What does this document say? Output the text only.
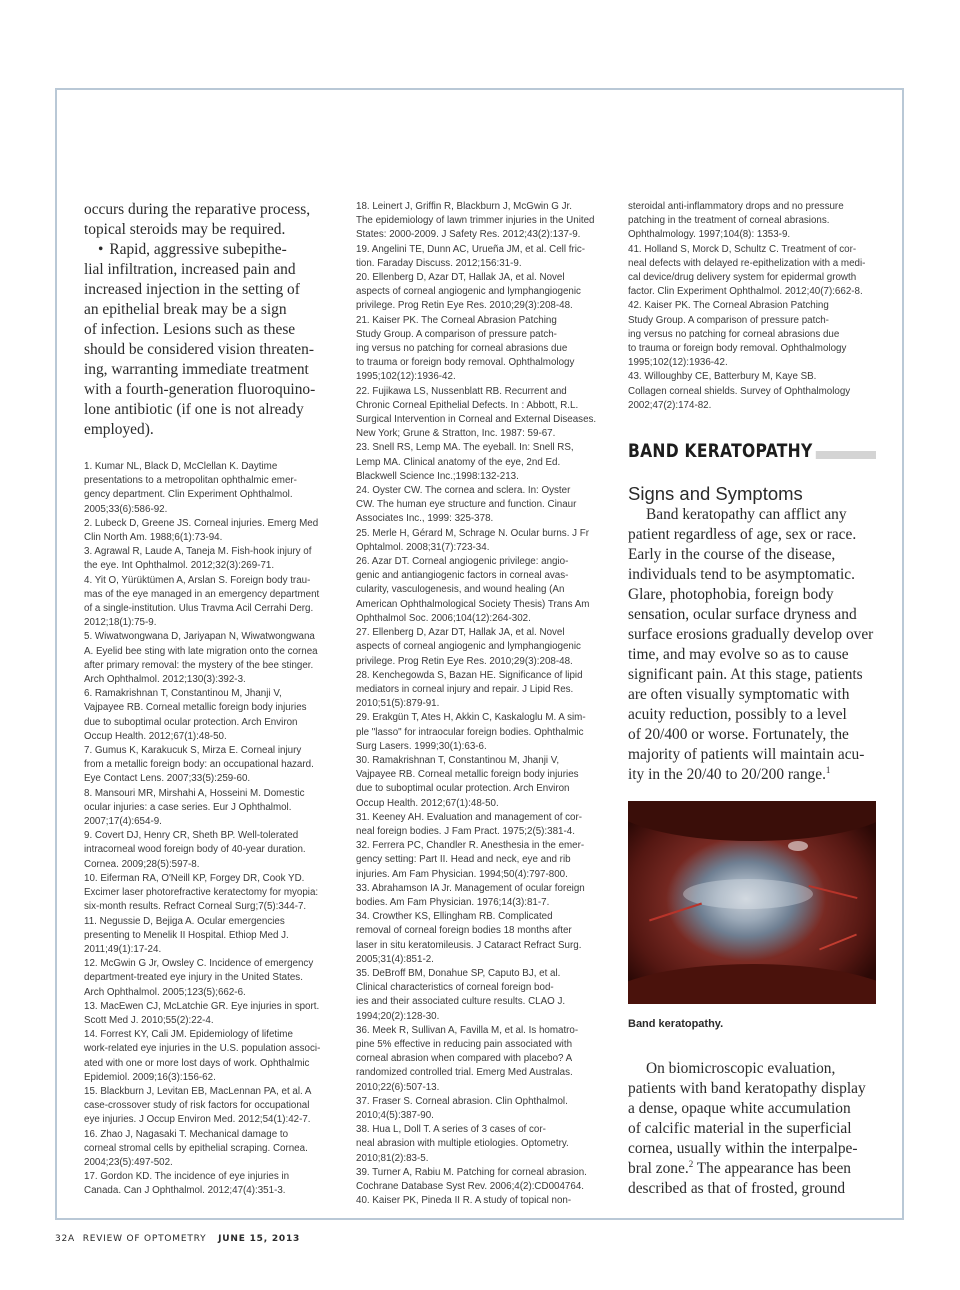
occurs during the reparative process,

topical steroids may be required.

• Rapid, aggressive subepithe-

lial infiltration, increased pain and

increased injection in the setting of

an epithelial break may be a sign

of infection. Lesions such as these

should be considered vision threaten-

ing, warranting immediate treatment

with a fourth-generation fluoroquino-

lone antibiotic (if one is not already

employed).

1. Kumar NL, Black D, McClellan K. Daytime
presentations to a metropolitan ophthalmic emer-
gency department. Clin Experiment Ophthalmol.
2005;33(6):586-92.
2. Lubeck D, Greene JS. Corneal injuries. Emerg Med
Clin North Am. 1988;6(1):73-94.
3. Agrawal R, Laude A, Taneja M. Fish-hook injury of
the eye. Int Ophthalmol. 2012;32(3):269-71.
4. Yit O, Yürüktümen A, Arslan S. Foreign body trau-
mas of the eye managed in an emergency department
of a single-institution. Ulus Travma Acil Cerrahi Derg.
2012;18(1):75-9.
5. Wiwatwongwana D, Jariyapan N, Wiwatwongwana
A. Eyelid bee sting with late migration onto the cornea
after primary removal: the mystery of the bee stinger.
Arch Ophthalmol. 2012;130(3):392-3.
6. Ramakrishnan T, Constantinou M, Jhanji V,
Vajpayee RB. Corneal metallic foreign body injuries
due to suboptimal ocular protection. Arch Environ
Occup Health. 2012;67(1):48-50.
7. Gumus K, Karakucuk S, Mirza E. Corneal injury
from a metallic foreign body: an occupational hazard.
Eye Contact Lens. 2007;33(5):259-60.
8. Mansouri MR, Mirshahi A, Hosseini M. Domestic
ocular injuries: a case series. Eur J Ophthalmol.
2007;17(4):654-9.
9. Covert DJ, Henry CR, Sheth BP. Well-tolerated
intracorneal wood foreign body of 40-year duration.
Cornea. 2009;28(5):597-8.
10. Eiferman RA, O'Neill KP, Forgey DR, Cook YD.
Excimer laser photorefractive keratectomy for myopia:
six-month results. Refract Corneal Surg;7(5):344-7.
11. Negussie D, Bejiga A. Ocular emergencies
presenting to Menelik II Hospital. Ethiop Med J.
2011;49(1):17-24.
12. McGwin G Jr, Owsley C. Incidence of emergency
department-treated eye injury in the United States.
Arch Ophthalmol. 2005;123(5);662-6.
13. MacEwen CJ, McLatchie GR. Eye injuries in sport.
Scott Med J. 2010;55(2):22-4.
14. Forrest KY, Cali JM. Epidemiology of lifetime
work-related eye injuries in the U.S. population associ-
ated with one or more lost days of work. Ophthalmic
Epidemiol. 2009;16(3):156-62.
15. Blackburn J, Levitan EB, MacLennan PA, et al. A
case-crossover study of risk factors for occupational
eye injuries. J Occup Environ Med. 2012;54(1):42-7.
16. Zhao J, Nagasaki T. Mechanical damage to
corneal stromal cells by epithelial scraping. Cornea.
2004;23(5):497-502.
17. Gordon KD. The incidence of eye injuries in
Canada. Can J Ophthalmol. 2012;47(4):351-3.
18. Leinert J, Griffin R, Blackburn J, McGwin G Jr.
The epidemiology of lawn trimmer injuries in the United
States: 2000-2009. J Safety Res. 2012;43(2):137-9.
19. Angelini TE, Dunn AC, Urueña JM, et al. Cell fric-
tion. Faraday Discuss. 2012;156:31-9.
20. Ellenberg D, Azar DT, Hallak JA, et al. Novel
aspects of corneal angiogenic and lymphangiogenic
privilege. Prog Retin Eye Res. 2010;29(3):208-48.
21. Kaiser PK. The Corneal Abrasion Patching
Study Group. A comparison of pressure patch-
ing versus no patching for corneal abrasions due
to trauma or foreign body removal. Ophthalmology
1995;102(12):1936-42.
22. Fujikawa LS, Nussenblatt RB. Recurrent and
Chronic Corneal Epithelial Defects. In : Abbott, R.L.
Surgical Intervention in Corneal and External Diseases.
New York; Grune & Stratton, Inc. 1987: 59-67.
23. Snell RS, Lemp MA. The eyeball. In: Snell RS,
Lemp MA. Clinical anatomy of the eye, 2nd Ed.
Blackwell Science Inc.;1998:132-213.
24. Oyster CW. The cornea and sclera. In: Oyster
CW. The human eye structure and function. Cinaur
Associates Inc., 1999: 325-378.
25. Merle H, Gérard M, Schrage N. Ocular burns. J Fr
Ophtalmol. 2008;31(7):723-34.
26. Azar DT. Corneal angiogenic privilege: angio-
genic and antiangiogenic factors in corneal avas-
cularity, vasculogenesis, and wound healing (An
American Ophthalmological Society Thesis) Trans Am
Ophthalmol Soc. 2006;104(12):264-302.
27. Ellenberg D, Azar DT, Hallak JA, et al. Novel
aspects of corneal angiogenic and lymphangiogenic
privilege. Prog Retin Eye Res. 2010;29(3):208-48.
28. Kenchegowda S, Bazan HE. Significance of lipid
mediators in corneal injury and repair. J Lipid Res.
2010;51(5):879-91.
29. Erakgün T, Ates H, Akkin C, Kaskaloglu M. A sim-
ple "lasso" for intraocular foreign bodies. Ophthalmic
Surg Lasers. 1999;30(1):63-6.
30. Ramakrishnan T, Constantinou M, Jhanji V,
Vajpayee RB. Corneal metallic foreign body injuries
due to suboptimal ocular protection. Arch Environ
Occup Health. 2012;67(1):48-50.
31. Keeney AH. Evaluation and management of cor-
neal foreign bodies. J Fam Pract. 1975;2(5):381-4.
32. Ferrera PC, Chandler R. Anesthesia in the emer-
gency setting: Part II. Head and neck, eye and rib
injuries. Am Fam Physician. 1994;50(4):797-800.
33. Abrahamson IA Jr. Management of ocular foreign
bodies. Am Fam Physician. 1976;14(3):81-7.
34. Crowther KS, Ellingham RB. Complicated
removal of corneal foreign bodies 18 months after
laser in situ keratomileusis. J Cataract Refract Surg.
2005;31(4):851-2.
35. DeBroff BM, Donahue SP, Caputo BJ, et al.
Clinical characteristics of corneal foreign bod-
ies and their associated culture results. CLAO J.
1994;20(2):128-30.
36. Meek R, Sullivan A, Favilla M, et al. Is homatro-
pine 5% effective in reducing pain associated with
corneal abrasion when compared with placebo? A
randomized controlled trial. Emerg Med Australas.
2010;22(6):507-13.
37. Fraser S. Corneal abrasion. Clin Ophthalmol.
2010;4(5):387-90.
38. Hua L, Doll T. A series of 3 cases of cor-
neal abrasion with multiple etiologies. Optometry.
2010;81(2):83-5.
39. Turner A, Rabiu M. Patching for corneal abrasion.
Cochrane Database Syst Rev. 2006;4(2):CD004764.
40. Kaiser PK, Pineda II R. A study of topical non-
steroidal anti-inflammatory drops and no pressure
patching in the treatment of corneal abrasions.
Ophthalmology. 1997;104(8): 1353-9.
41. Holland S, Morck D, Schultz C. Treatment of cor-
neal defects with delayed re-epithelization with a medi-
cal device/drug delivery system for epidermal growth
factor. Clin Experiment Ophthalmol. 2012;40(7):662-8.
42. Kaiser PK. The Corneal Abrasion Patching
Study Group. A comparison of pressure patch-
ing versus no patching for corneal abrasions due
to trauma or foreign body removal. Ophthalmology
1995;102(12):1936-42.
43. Willoughby CE, Batterbury M, Kaye SB.
Collagen corneal shields. Survey of Ophthalmology
2002;47(2):174-82.
BAND KERATOPATHY
Signs and Symptoms

Band keratopathy can afflict any

patient regardless of age, sex or race.

Early in the course of the disease,

individuals tend to be asymptomatic.

Glare, photophobia, foreign body

sensation, ocular surface dryness and

surface erosions gradually develop over

time, and may evolve so as to cause

significant pain. At this stage, patients

are often visually symptomatic with

acuity reduction, possibly to a level

of 20/400 or worse. Fortunately, the

majority of patients will maintain acu-

ity in the 20/40 to 20/200 range.$^1$

Band keratopathy.

On biomicroscopic evaluation,

patients with band keratopathy display

a dense, opaque white accumulation

of calcific material in the superficial

cornea, usually within the interpalpe-

bral zone.$^2$ The appearance has been

described as that of frosted, ground

32A REVIEW OF OPTOMETRY JUNE 15, 2013
